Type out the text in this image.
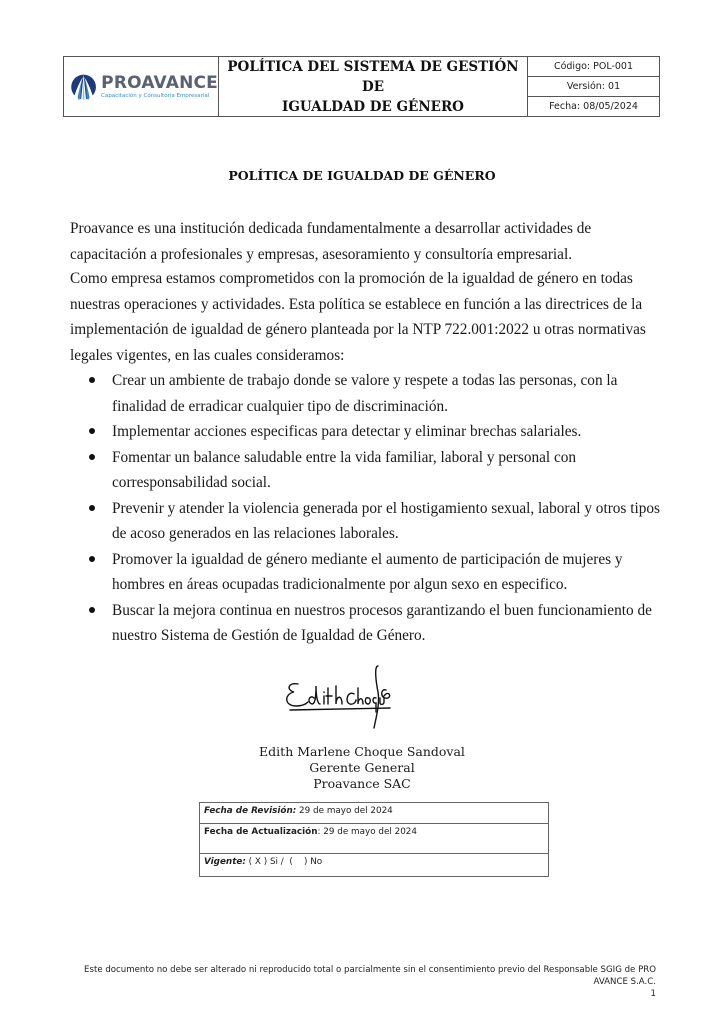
PROAVANCE
Capacitación y Consultoría Empresarial
POLÍTICA DEL SISTEMA DE GESTIÓN DE
IGUALDAD DE GÉNERO
Código: POL-001
Versión: 01
Fecha: 08/05/2024
POLÍTICA DE IGUALDAD DE GÉNERO
Proavance es una institución dedicada fundamentalmente a desarrollar actividades de capacitación a profesionales y empresas, asesoramiento y consultoría empresarial.
Como empresa estamos comprometidos con la promoción de la igualdad de género en todas nuestras operaciones y actividades. Esta política se establece en función a las directrices de la implementación de igualdad de género planteada por la NTP 722.001:2022 u otras normativas legales vigentes, en las cuales consideramos:
Crear un ambiente de trabajo donde se valore y respete a todas las personas, con la finalidad de erradicar cualquier tipo de discriminación.
Implementar acciones especificas para detectar y eliminar brechas salariales.
Fomentar un balance saludable entre la vida familiar, laboral y personal con corresponsabilidad social.
Prevenir y atender la violencia generada por el hostigamiento sexual, laboral y otros tipos de acoso generados en las relaciones laborales.
Promover la igualdad de género mediante el aumento de participación de mujeres y hombres en áreas ocupadas tradicionalmente por algun sexo en especifico.
Buscar la mejora continua en nuestros procesos garantizando el buen funcionamiento de nuestro Sistema de Gestión de Igualdad de Género.
Edith Marlene Choque Sandoval
Gerente General
Proavance SAC
Fecha de Revisión: 29 de mayo del 2024
Fecha de Actualización: 29 de mayo del 2024
Vigente: ( X ) Si /  (    ) No
Este documento no debe ser alterado ni reproducido total o parcialmente sin el consentimiento previo del Responsable SGIG de PRO
AVANCE S.A.C.
1
